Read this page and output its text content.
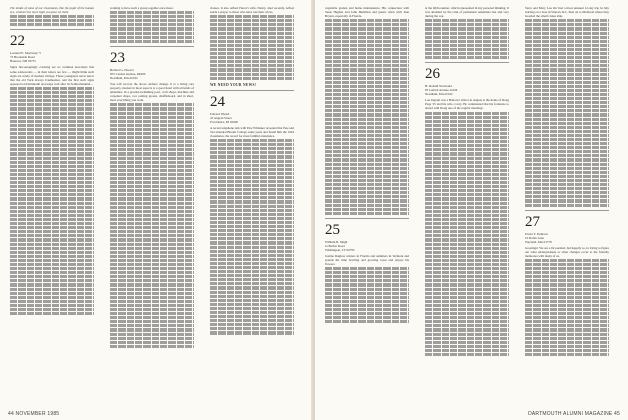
The minds of some of our classmates, like the pupil of the human eye, contract the more light you pour on them.

22
Leonard E. Morrissey '5
73 Brookside Road
Hanover, NH 03755

Signs discouragingly cracking are no common nowadays that some adolescents — in their letters are few — might think such signs are solely of modern vintage. These youngsters never knew that the old Tuck always Ivanhoeites, and the first such signs appeared on Dartmouth doorsteps well after its Semicentennial...

wanting to have such a group together once more.

23
Herbert G. Hoover
855 Central Avenue, #R200
Needham, MA 02192

You will recover the above address change. It is a living care property, modest in most aspects is a good hotel with all kinds of amenities. In a ground-swimming pool, craft shops, machine and carpenter shops, two putting greens, shuffleboard, and in short, most everything you want.

classes. It also Alfred Pierce's wife, Nancy, died recently. Alfred sends a prayer to those who have lost their wives.

WE NEED YOUR NEWS!
24
Edward Wiesel
47 Angold Street
Providence, RI 02906

A recent telephone talk with Pete Whitaker revealed that Pete and Ted attended Bloom College some years and found him the 1924 classmates, the record for most faithful attendance.

44 NOVEMBER 1985

vegetable garden and home maintenance. His connection with Susie Hughes and John Hamilton and guests often with Jean Bryant, especially in Florida.

25
William R. Singh
Ja Barber Road
Washington, CT 06793

Justine Rugless winters in Florida and summers in Vermont and spends his time bowling and growing roses and enjoys his flowers.

at the 60th reunion, which represented in my personal thinking. It was attended by the rank of permanent remainder last and very during the war.

26
H. Donald Norstrand
83 Central Avenue, K204
Needham, MA 02192

Lou Ingram was a Hanover visitor in August at the home of Doug Page '25 and his wife, Carry. He commented that his fortunate to attend with Doug one of the regular meetings.

Steve and Mary Lou Orr had a most unusual 12-day trip in July starting on a boat in Warren, R.I., then on to Montreal where they boarded the small cruise ship.

27
Erwin F. Paddock
10 Robin Lane
Wayland, MA 01778

Greetings! We are a bit puzzled, but happily so, in trying to figure out what undergraduate or other changes occur to the friendly memories with many of us.

DARTMOUTH ALUMNI MAGAZINE 45
